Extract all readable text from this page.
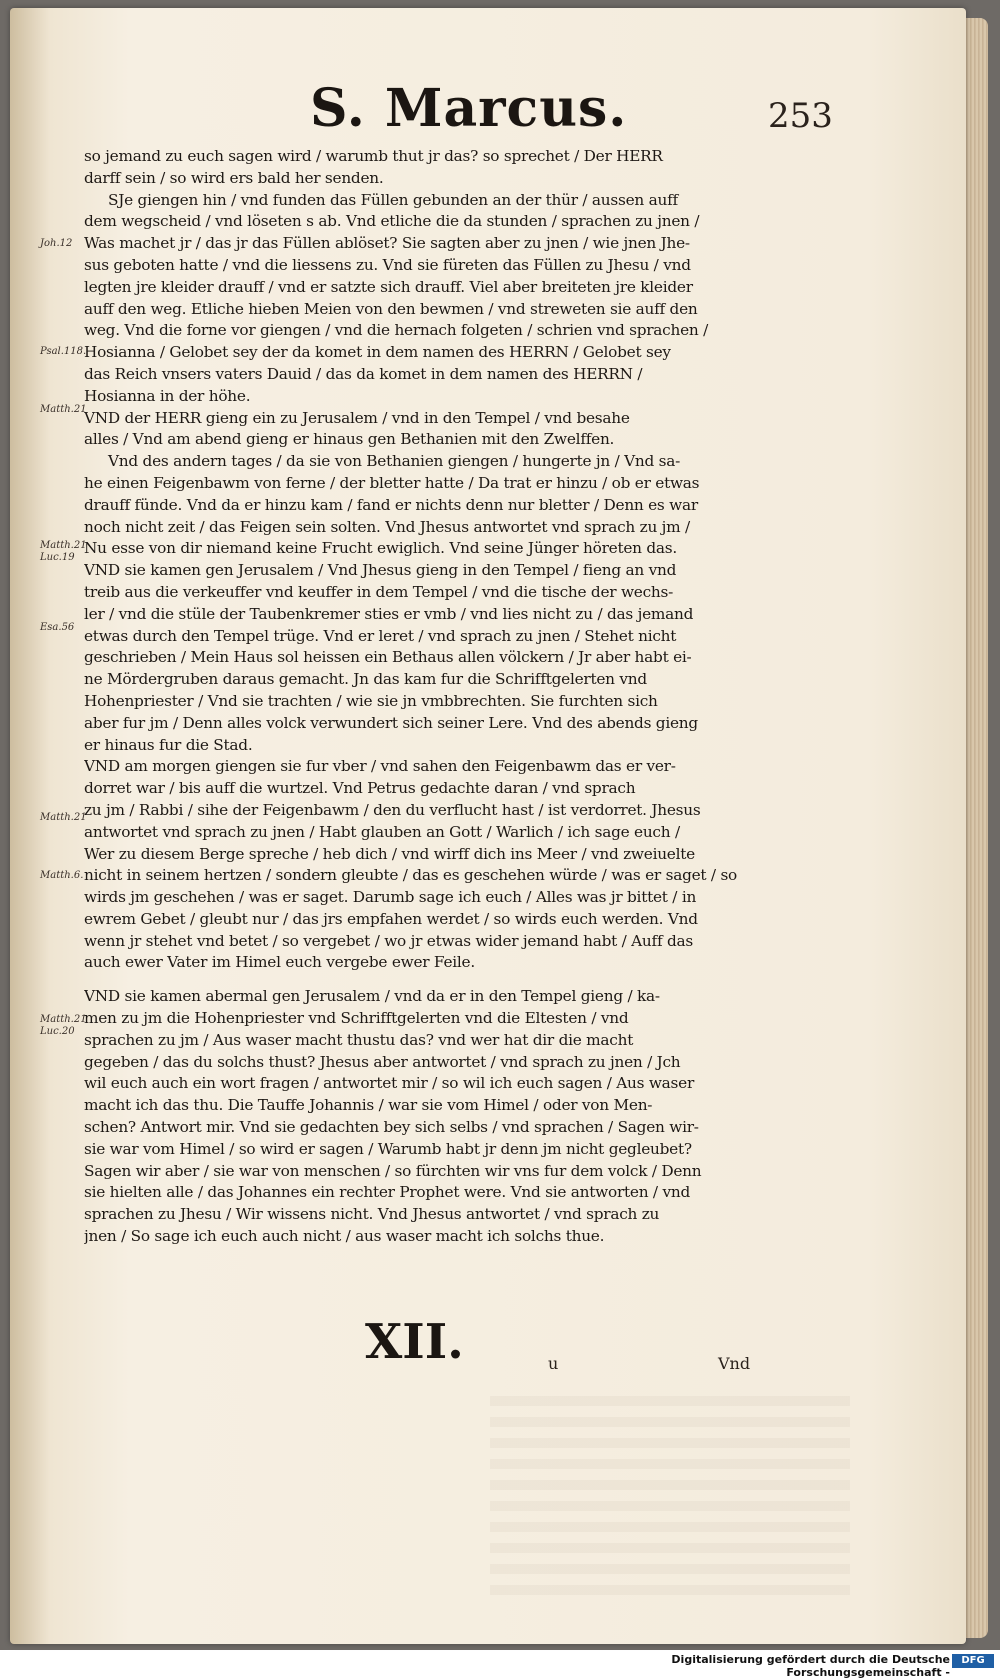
S. Marcus.	253
Joh.12
Psal.118.
Matth.21
Matth.21 Luc.19
Esa.56
Matth.21
Matth.6.
Matth.21 Luc.20
so jemand zu euch sagen wird / warumb thut jr das? so sprechet / Der HERR
darff sein / so wird ers bald her senden.
SJe giengen hin / vnd funden das Füllen gebunden an der thür / aussen auff
dem wegscheid / vnd löseten s ab. Vnd etliche die da stunden / sprachen zu jnen /
Was machet jr / das jr das Füllen ablöset? Sie sagten aber zu jnen / wie jnen Jhe-
sus geboten hatte / vnd die liessens zu. Vnd sie füreten das Füllen zu Jhesu / vnd
legten jre kleider drauff / vnd er satzte sich drauff. Viel aber breiteten jre kleider
auff den weg. Etliche hieben Meien von den bewmen / vnd streweten sie auff den
weg. Vnd die forne vor giengen / vnd die hernach folgeten / schrien vnd sprachen /
Hosianna / Gelobet sey der da komet in dem namen des HERRN / Gelobet sey
das Reich vnsers vaters Dauid / das da komet in dem namen des HERRN /
Hosianna in der höhe.
VND der HERR gieng ein zu Jerusalem / vnd in den Tempel / vnd besahe
alles / Vnd am abend gieng er hinaus gen Bethanien mit den Zwelffen.
Vnd des andern tages / da sie von Bethanien giengen / hungerte jn / Vnd sa-
he einen Feigenbawm von ferne / der bletter hatte / Da trat er hinzu / ob er etwas
drauff fünde. Vnd da er hinzu kam / fand er nichts denn nur bletter / Denn es war
noch nicht zeit / das Feigen sein solten. Vnd Jhesus antwortet vnd sprach zu jm /
Nu esse von dir niemand keine Frucht ewiglich. Vnd seine Jünger höreten das.
VND sie kamen gen Jerusalem / Vnd Jhesus gieng in den Tempel / fieng an vnd
treib aus die verkeuffer vnd keuffer in dem Tempel / vnd die tische der wechs-
ler / vnd die stüle der Taubenkremer sties er vmb / vnd lies nicht zu / das jemand
etwas durch den Tempel trüge. Vnd er leret / vnd sprach zu jnen / Stehet nicht
geschrieben / Mein Haus sol heissen ein Bethaus allen völckern / Jr aber habt ei-
ne Mördergruben daraus gemacht. Jn das kam fur die Schrifftgelerten vnd
Hohenpriester / Vnd sie trachten / wie sie jn vmbbrechten. Sie furchten sich
aber fur jm / Denn alles volck verwundert sich seiner Lere. Vnd des abends gieng
er hinaus fur die Stad.
VND am morgen giengen sie fur vber / vnd sahen den Feigenbawm das er ver-
dorret war / bis auff die wurtzel. Vnd Petrus gedachte daran / vnd sprach
zu jm / Rabbi / sihe der Feigenbawm / den du verflucht hast / ist verdorret. Jhesus
antwortet vnd sprach zu jnen / Habt glauben an Gott / Warlich / ich sage euch /
Wer zu diesem Berge spreche / heb dich / vnd wirff dich ins Meer / vnd zweiuelte
nicht in seinem hertzen / sondern gleubte / das es geschehen würde / was er saget / so
wirds jm geschehen / was er saget. Darumb sage ich euch / Alles was jr bittet / in
ewrem Gebet / gleubt nur / das jrs empfahen werdet / so wirds euch werden. Vnd
wenn jr stehet vnd betet / so vergebet / wo jr etwas wider jemand habt / Auff das
auch ewer Vater im Himel euch vergebe ewer Feile.
VND sie kamen abermal gen Jerusalem / vnd da er in den Tempel gieng / ka-
men zu jm die Hohenpriester vnd Schrifftgelerten vnd die Eltesten / vnd
sprachen zu jm / Aus waser macht thustu das? vnd wer hat dir die macht
gegeben / das du solchs thust? Jhesus aber antwortet / vnd sprach zu jnen / Jch
wil euch auch ein wort fragen / antwortet mir / so wil ich euch sagen / Aus waser
macht ich das thu. Die Tauffe Johannis / war sie vom Himel / oder von Men-
schen? Antwort mir. Vnd sie gedachten bey sich selbs / vnd sprachen / Sagen wir-
sie war vom Himel / so wird er sagen / Warumb habt jr denn jm nicht gegleubet?
Sagen wir aber / sie war von menschen / so fürchten wir vns fur dem volck / Denn
sie hielten alle / das Johannes ein rechter Prophet were. Vnd sie antworten / vnd
sprachen zu Jhesu / Wir wissens nicht. Vnd Jhesus antwortet / vnd sprach zu
jnen / So sage ich euch auch nicht / aus waser macht ich solchs thue.
XII.	u	Vnd
Digitalisierung gefördert durch die Deutsche Forschungsgemeinschaft -
DFG
